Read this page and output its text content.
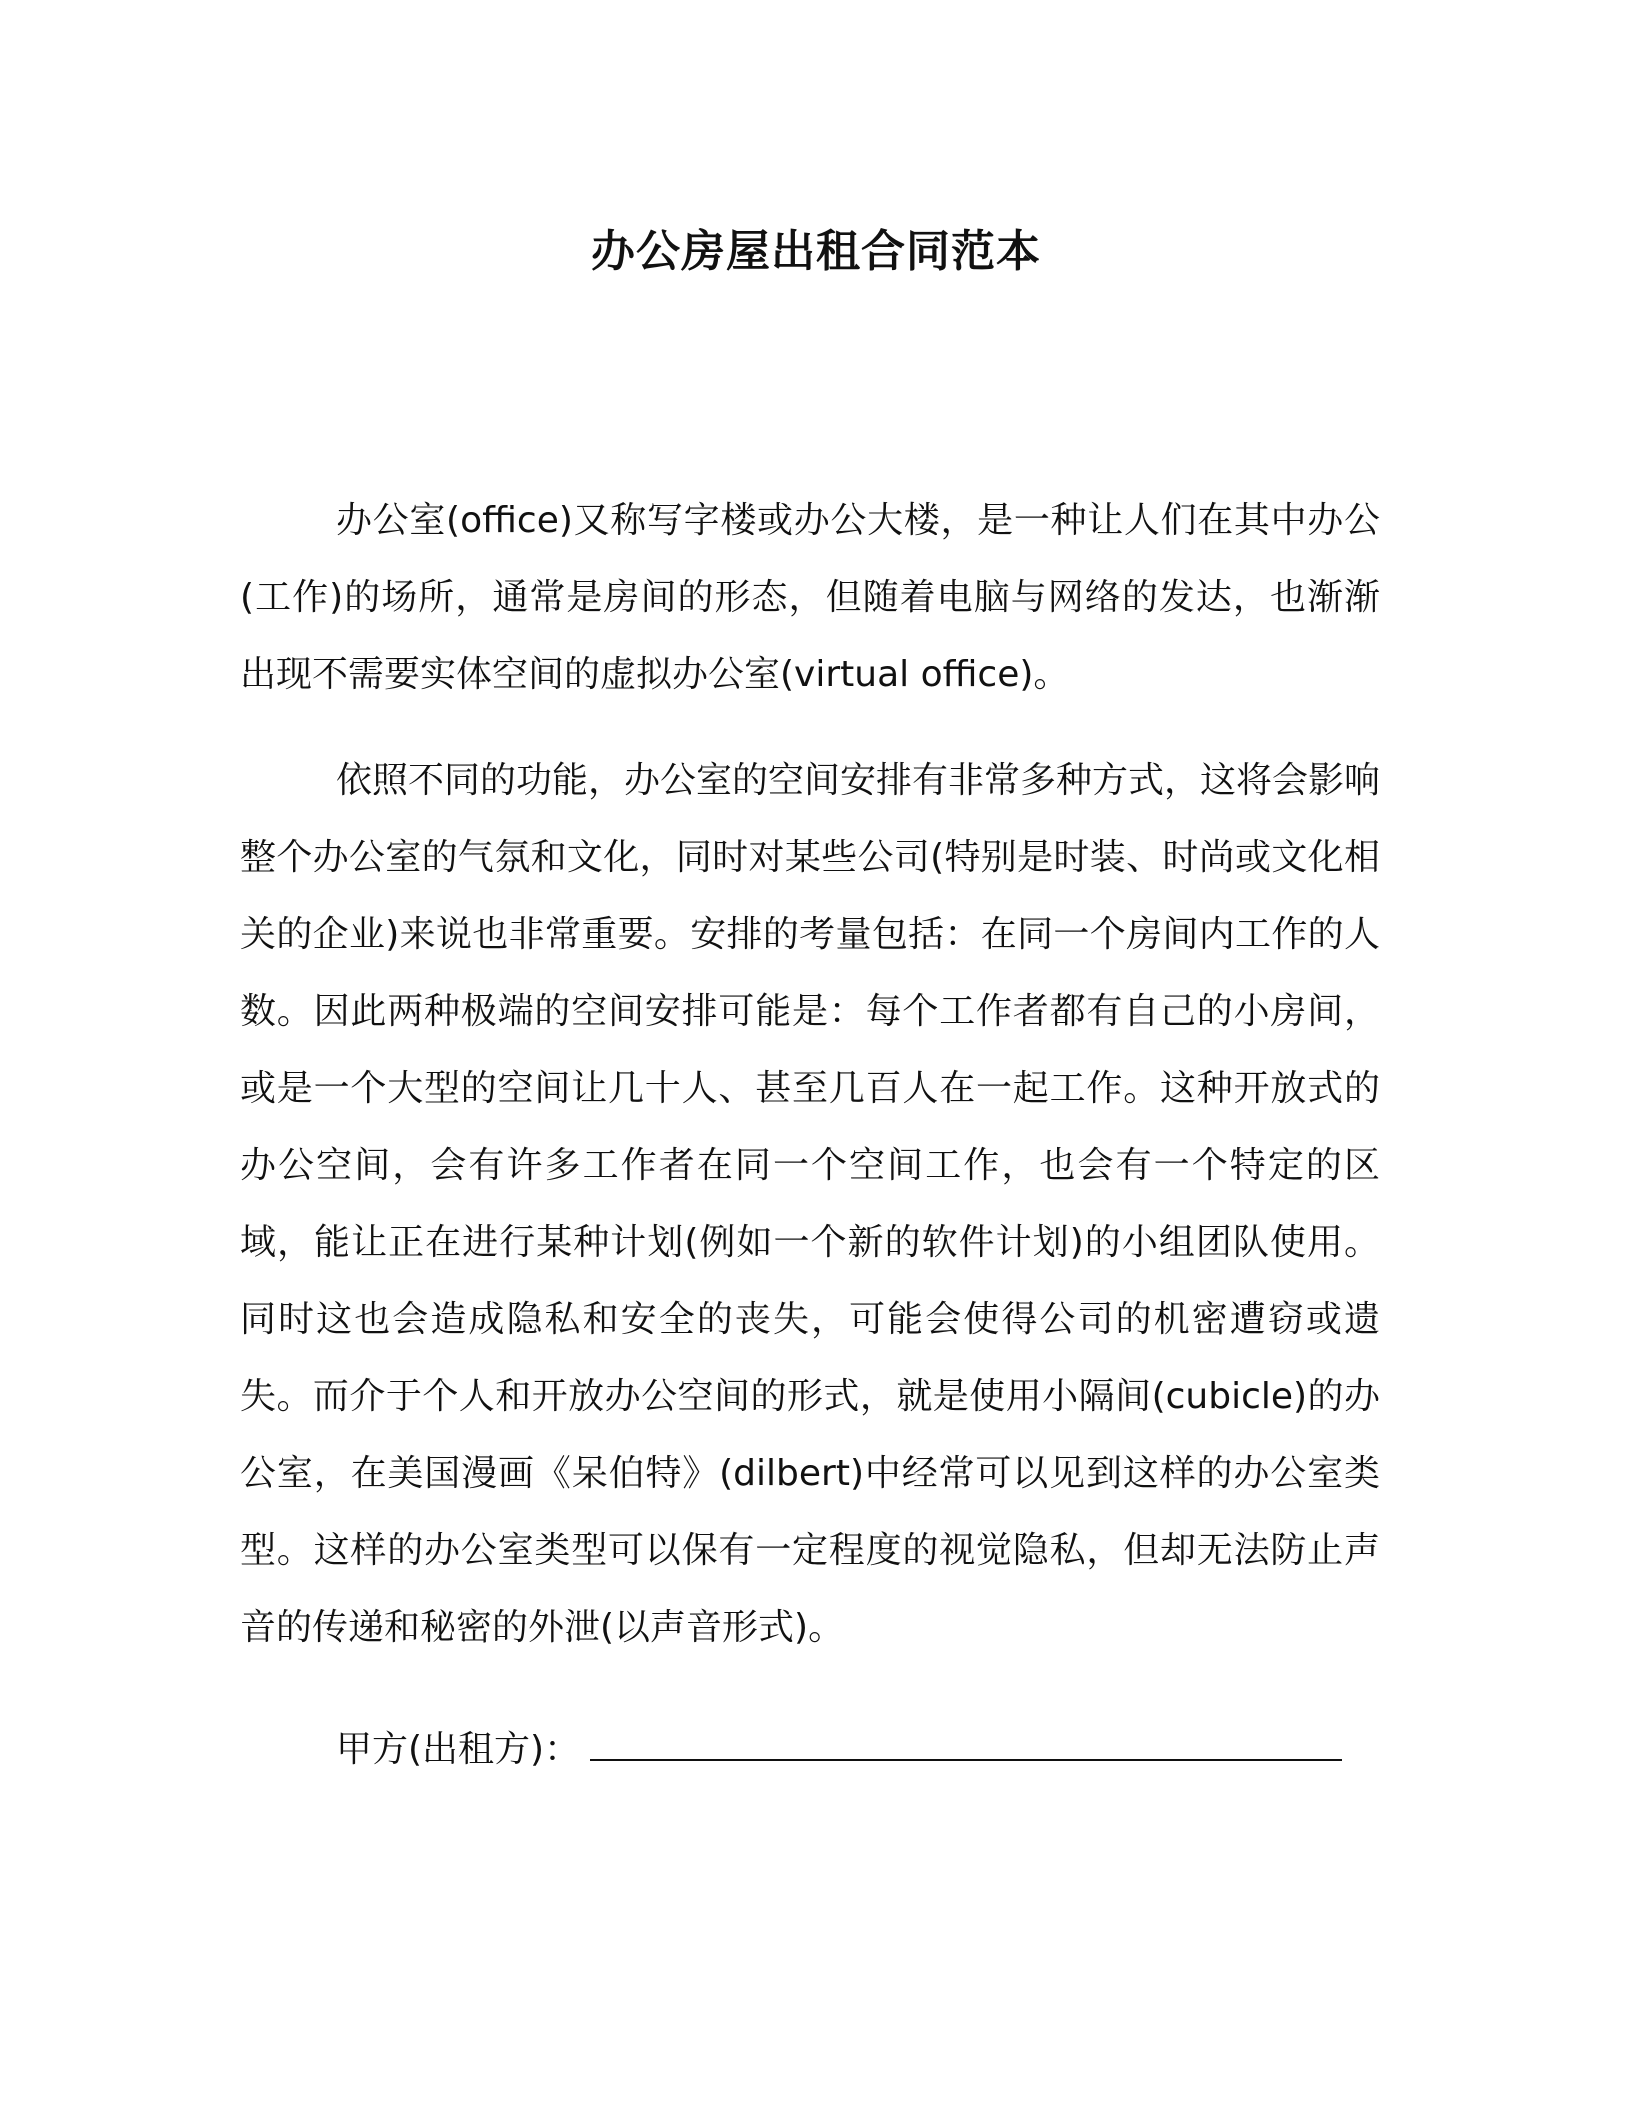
办公房屋出租合同范本

办公室(office)又称写字楼或办公大楼，是一种让人们在其中办公(工作)的场所，通常是房间的形态，但随着电脑与网络的发达，也渐渐出现不需要实体空间的虚拟办公室(virtual office)。

依照不同的功能，办公室的空间安排有非常多种方式，这将会影响整个办公室的气氛和文化，同时对某些公司(特别是时装、时尚或文化相关的企业)来说也非常重要。安排的考量包括：在同一个房间内工作的人数。因此两种极端的空间安排可能是：每个工作者都有自己的小房间，或是一个大型的空间让几十人、甚至几百人在一起工作。这种开放式的办公空间，会有许多工作者在同一个空间工作，也会有一个特定的区域，能让正在进行某种计划(例如一个新的软件计划)的小组团队使用。同时这也会造成隐私和安全的丧失，可能会使得公司的机密遭窃或遗失。而介于个人和开放办公空间的形式，就是使用小隔间(cubicle)的办公室，在美国漫画《呆伯特》(dilbert)中经常可以见到这样的办公室类型。这样的办公室类型可以保有一定程度的视觉隐私，但却无法防止声音的传递和秘密的外泄(以声音形式)。

甲方(出租方)：
